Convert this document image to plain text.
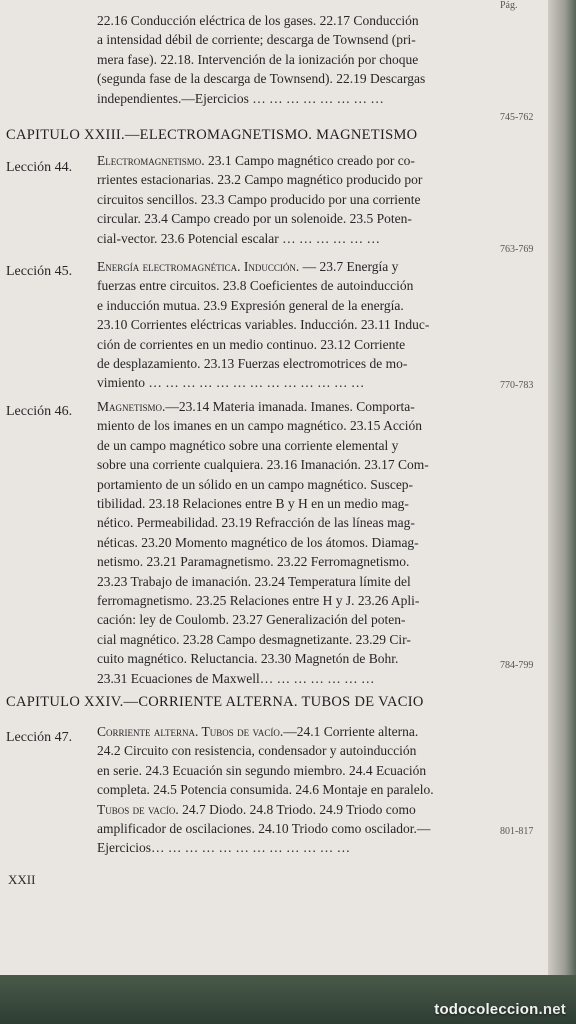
Pág.
22.16 Conducción eléctrica de los gases. 22.17 Conducción
a intensidad débil de corriente; descarga de Townsend (pri-
mera fase). 22.18. Intervención de la ionización por choque
(segunda fase de la descarga de Townsend). 22.19 Descargas
independientes.—Ejercicios … … … … … … … …
745-762
CAPITULO XXIII.—ELECTROMAGNETISMO. MAGNETISMO
Lección 44. Electromagnetismo. 23.1 Campo magnético creado por co-
rrientes estacionarias. 23.2 Campo magnético producido por
circuitos sencillos. 23.3 Campo producido por una corriente
circular. 23.4 Campo creado por un solenoide. 23.5 Poten-
cial-vector. 23.6 Potencial escalar … … … … … …
763-769
Lección 45. Energía electromagnética. Inducción. — 23.7 Energía y
fuerzas entre circuitos. 23.8 Coeficientes de autoinducción
e inducción mutua. 23.9 Expresión general de la energía.
23.10 Corrientes eléctricas variables. Inducción. 23.11 Induc-
ción de corrientes en un medio continuo. 23.12 Corriente
de desplazamiento. 23.13 Fuerzas electromotrices de mo-
vimiento … … … … … … … … … … … … …	770-783
Lección 46. Magnetismo.—23.14 Materia imanada. Imanes. Comporta-
miento de los imanes en un campo magnético. 23.15 Acción
de un campo magnético sobre una corriente elemental y
sobre una corriente cualquiera. 23.16 Imanación. 23.17 Com-
portamiento de un sólido en un campo magnético. Suscep-
tibilidad. 23.18 Relaciones entre B y H en un medio mag-
nético. Permeabilidad. 23.19 Refracción de las líneas mag-
néticas. 23.20 Momento magnético de los átomos. Diamag-
netismo. 23.21 Paramagnetismo. 23.22 Ferromagnetismo.
23.23 Trabajo de imanación. 23.24 Temperatura límite del
ferromagnetismo. 23.25 Relaciones entre H y J. 23.26 Apli-
cación: ley de Coulomb. 23.27 Generalización del poten-
cial magnético. 23.28 Campo desmagnetizante. 23.29 Cir-
cuito magnético. Reluctancia. 23.30 Magnetón de Bohr.
23.31 Ecuaciones de Maxwell… … … … … … …
784-799
CAPITULO XXIV.—CORRIENTE ALTERNA. TUBOS DE VACIO
Lección 47. Corriente alterna. Tubos de vacío.—24.1 Corriente alterna.
24.2 Circuito con resistencia, condensador y autoinducción
en serie. 24.3 Ecuación sin segundo miembro. 24.4 Ecuación
completa. 24.5 Potencia consumida. 24.6 Montaje en paralelo.
Tubos de vacío. 24.7 Diodo. 24.8 Triodo. 24.9 Triodo como
amplificador de oscilaciones. 24.10 Triodo como oscilador.—
Ejercicios… … … … … … … … … … … …
801-817
XXII
todocoleccion.net
